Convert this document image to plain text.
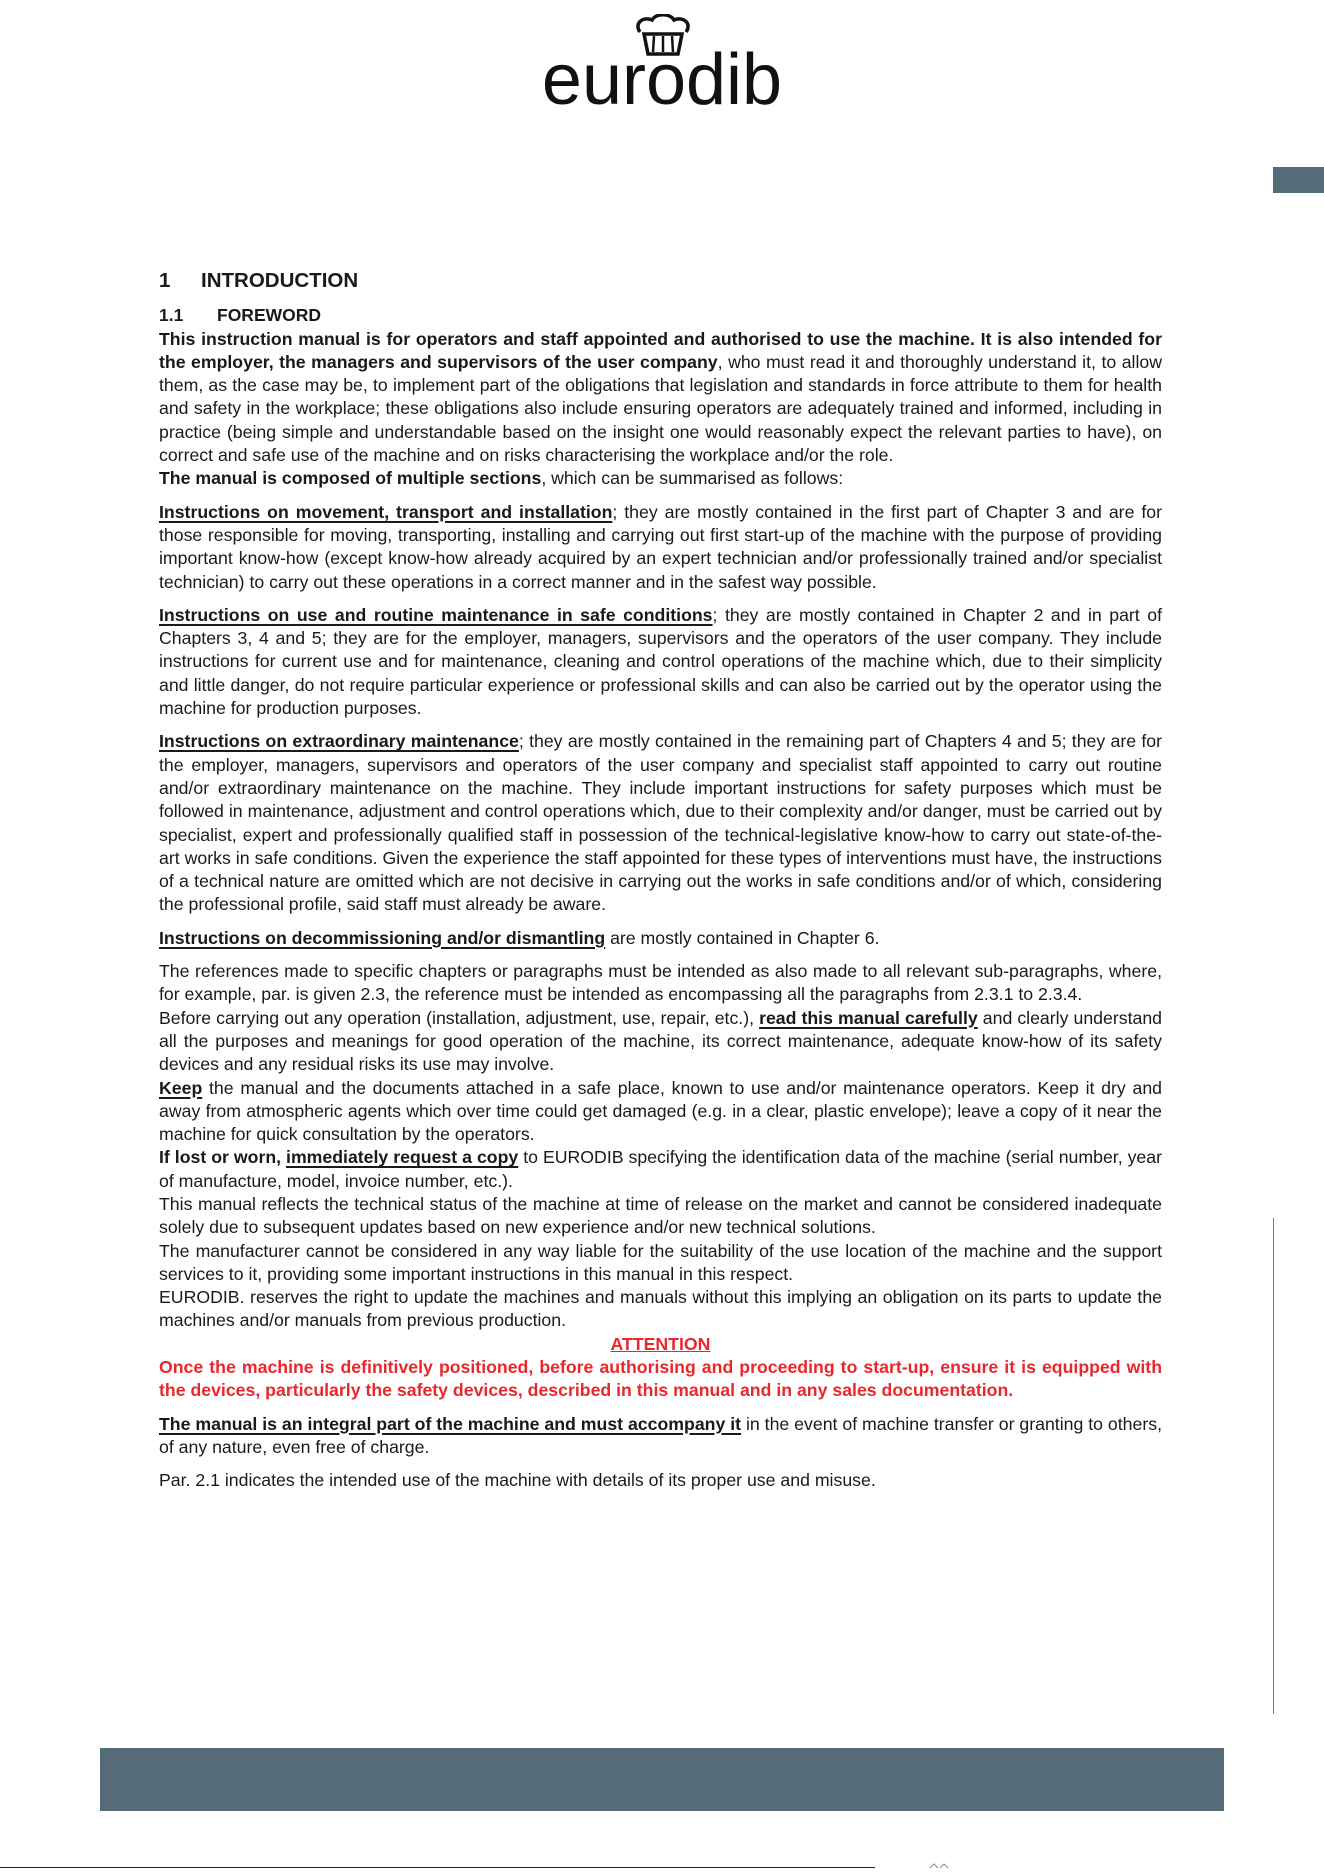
eurodib
1 INTRODUCTION
1.1 FOREWORD

This instruction manual is for operators and staff appointed and authorised to use the machine. It is also intended for the employer, the managers and supervisors of the user company, who must read it and thoroughly understand it, to allow them, as the case may be, to implement part of the obligations that legislation and standards in force attribute to them for health and safety in the workplace; these obligations also include ensuring operators are adequately trained and informed, including in practice (being simple and understandable based on the insight one would reasonably expect the relevant parties to have), on correct and safe use of the machine and on risks characterising the workplace and/or the role.

The manual is composed of multiple sections, which can be summarised as follows:

Instructions on movement, transport and installation; they are mostly contained in the first part of Chapter 3 and are for those responsible for moving, transporting, installing and carrying out first start-up of the machine with the purpose of providing important know-how (except know-how already acquired by an expert technician and/or professionally trained and/or specialist technician) to carry out these operations in a correct manner and in the safest way possible.

Instructions on use and routine maintenance in safe conditions; they are mostly contained in Chapter 2 and in part of Chapters 3, 4 and 5; they are for the employer, managers, supervisors and the operators of the user company. They include instructions for current use and for maintenance, cleaning and control operations of the machine which, due to their simplicity and little danger, do not require particular experience or professional skills and can also be carried out by the operator using the machine for production purposes.

Instructions on extraordinary maintenance; they are mostly contained in the remaining part of Chapters 4 and 5; they are for the employer, managers, supervisors and operators of the user company and specialist staff appointed to carry out routine and/or extraordinary maintenance on the machine. They include important instructions for safety purposes which must be followed in maintenance, adjustment and control operations which, due to their complexity and/or danger, must be carried out by specialist, expert and professionally qualified staff in possession of the technical-legislative know-how to carry out state-of-the-art works in safe conditions. Given the experience the staff appointed for these types of interventions must have, the instructions of a technical nature are omitted which are not decisive in carrying out the works in safe conditions and/or of which, considering the professional profile, said staff must already be aware.

Instructions on decommissioning and/or dismantling are mostly contained in Chapter 6.

The references made to specific chapters or paragraphs must be intended as also made to all relevant sub-paragraphs, where, for example, par. is given 2.3, the reference must be intended as encompassing all the paragraphs from 2.3.1 to 2.3.4.

Before carrying out any operation (installation, adjustment, use, repair, etc.), read this manual carefully and clearly understand all the purposes and meanings for good operation of the machine, its correct maintenance, adequate know-how of its safety devices and any residual risks its use may involve.

Keep the manual and the documents attached in a safe place, known to use and/or maintenance operators. Keep it dry and away from atmospheric agents which over time could get damaged (e.g. in a clear, plastic envelope); leave a copy of it near the machine for quick consultation by the operators.

If lost or worn, immediately request a copy to EURODIB specifying the identification data of the machine (serial number, year of manufacture, model, invoice number, etc.).

This manual reflects the technical status of the machine at time of release on the market and cannot be considered inadequate solely due to subsequent updates based on new experience and/or new technical solutions.

The manufacturer cannot be considered in any way liable for the suitability of the use location of the machine and the support services to it, providing some important instructions in this manual in this respect.

EURODIB. reserves the right to update the machines and manuals without this implying an obligation on its parts to update the machines and/or manuals from previous production.

ATTENTION

Once the machine is definitively positioned, before authorising and proceeding to start-up, ensure it is equipped with the devices, particularly the safety devices, described in this manual and in any sales documentation.

The manual is an integral part of the machine and must accompany it in the event of machine transfer or granting to others, of any nature, even free of charge.

Par. 2.1 indicates the intended use of the machine with details of its proper use and misuse.
